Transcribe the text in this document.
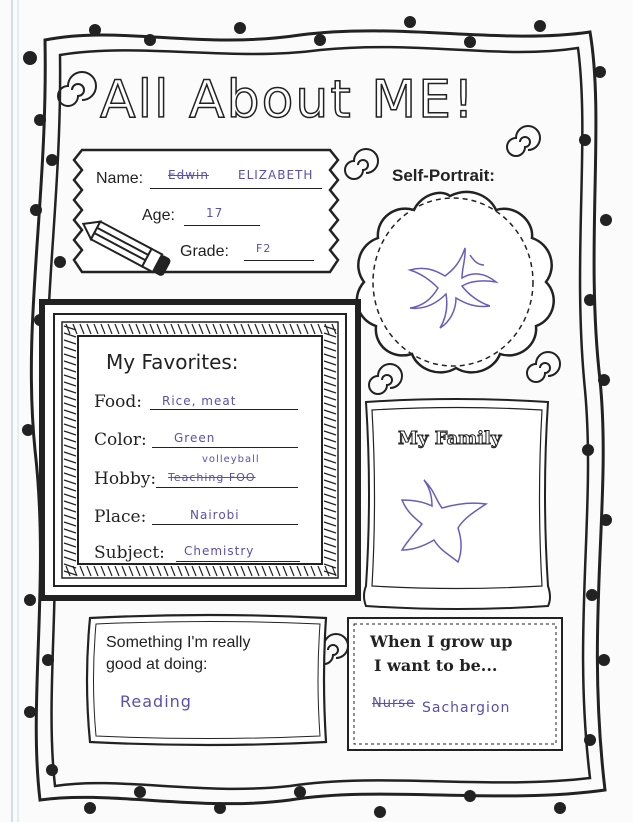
All About ME!
Name: Edwin ELIZABETH
Age:	17
Grade: F2
Self-Portrait:
My Favorites:
Food: Rice, meat
Color: Green
Hobby:
volleyball
Teaching FOO
Place:	Nairobi
Subject: Chemistry
My Family
Something I'm really
good at doing:
Reading
When I grow up
I want to be...
Nurse Sachargion
